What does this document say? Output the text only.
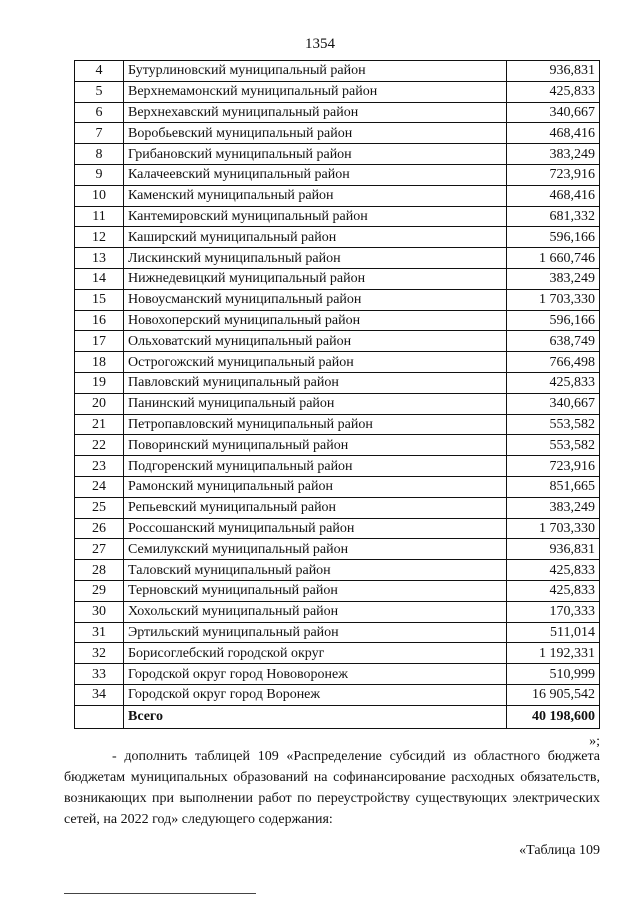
1354
4	Бутурлиновский муниципальный район	936,831
5	Верхнемамонский муниципальный район	425,833
6	Верхнехавский муниципальный район	340,667
7	Воробьевский муниципальный район	468,416
8	Грибановский муниципальный район	383,249
9	Калачеевский муниципальный район	723,916
10	Каменский муниципальный район	468,416
11	Кантемировский муниципальный район	681,332
12	Каширский муниципальный район	596,166
13	Лискинский муниципальный район	1 660,746
14	Нижнедевицкий муниципальный район	383,249
15	Новоусманский муниципальный район	1 703,330
16	Новохоперский муниципальный район	596,166
17	Ольховатский муниципальный район	638,749
18	Острогожский муниципальный район	766,498
19	Павловский муниципальный район	425,833
20	Панинский муниципальный район	340,667
21	Петропавловский муниципальный район	553,582
22	Поворинский муниципальный район	553,582
23	Подгоренский муниципальный район	723,916
24	Рамонский муниципальный район	851,665
25	Репьевский муниципальный район	383,249
26	Россошанский муниципальный район	1 703,330
27	Семилукский муниципальный район	936,831
28	Таловский муниципальный район	425,833
29	Терновский муниципальный район	425,833
30	Хохольский муниципальный район	170,333
31	Эртильский муниципальный район	511,014
32	Борисоглебский городской округ	1 192,331
33	Городской округ город Нововоронеж	510,999
34	Городской округ город Воронеж	16 905,542
	Всего	40 198,600
»;
- дополнить таблицей 109 «Распределение субсидий из областного бюджета бюджетам муниципальных образований на софинансирование расходных обязательств, возникающих при выполнении работ по переустройству существующих электрических сетей, на 2022 год» следующего содержания:
«Таблица 109
